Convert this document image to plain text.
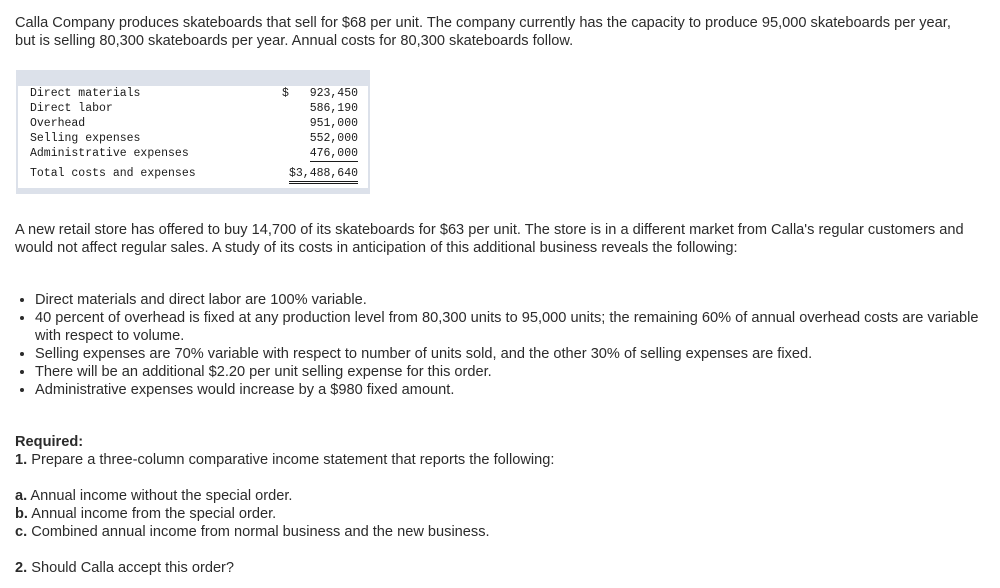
Calla Company produces skateboards that sell for $68 per unit. The company currently has the capacity to produce 95,000 skateboards per year, but is selling 80,300 skateboards per year. Annual costs for 80,300 skateboards follow.

Direct materials	$ 923,450
Direct labor	586,190
Overhead	951,000
Selling expenses	552,000
Administrative expenses	476,000
Total costs and expenses	$3,488,640

A new retail store has offered to buy 14,700 of its skateboards for $63 per unit. The store is in a different market from Calla's regular customers and would not affect regular sales. A study of its costs in anticipation of this additional business reveals the following:

• Direct materials and direct labor are 100% variable.
• 40 percent of overhead is fixed at any production level from 80,300 units to 95,000 units; the remaining 60% of annual overhead costs are variable with respect to volume.
• Selling expenses are 70% variable with respect to number of units sold, and the other 30% of selling expenses are fixed.
• There will be an additional $2.20 per unit selling expense for this order.
• Administrative expenses would increase by a $980 fixed amount.

Required:

1. Prepare a three-column comparative income statement that reports the following:

a. Annual income without the special order.

b. Annual income from the special order.

c. Combined annual income from normal business and the new business.

2. Should Calla accept this order?
